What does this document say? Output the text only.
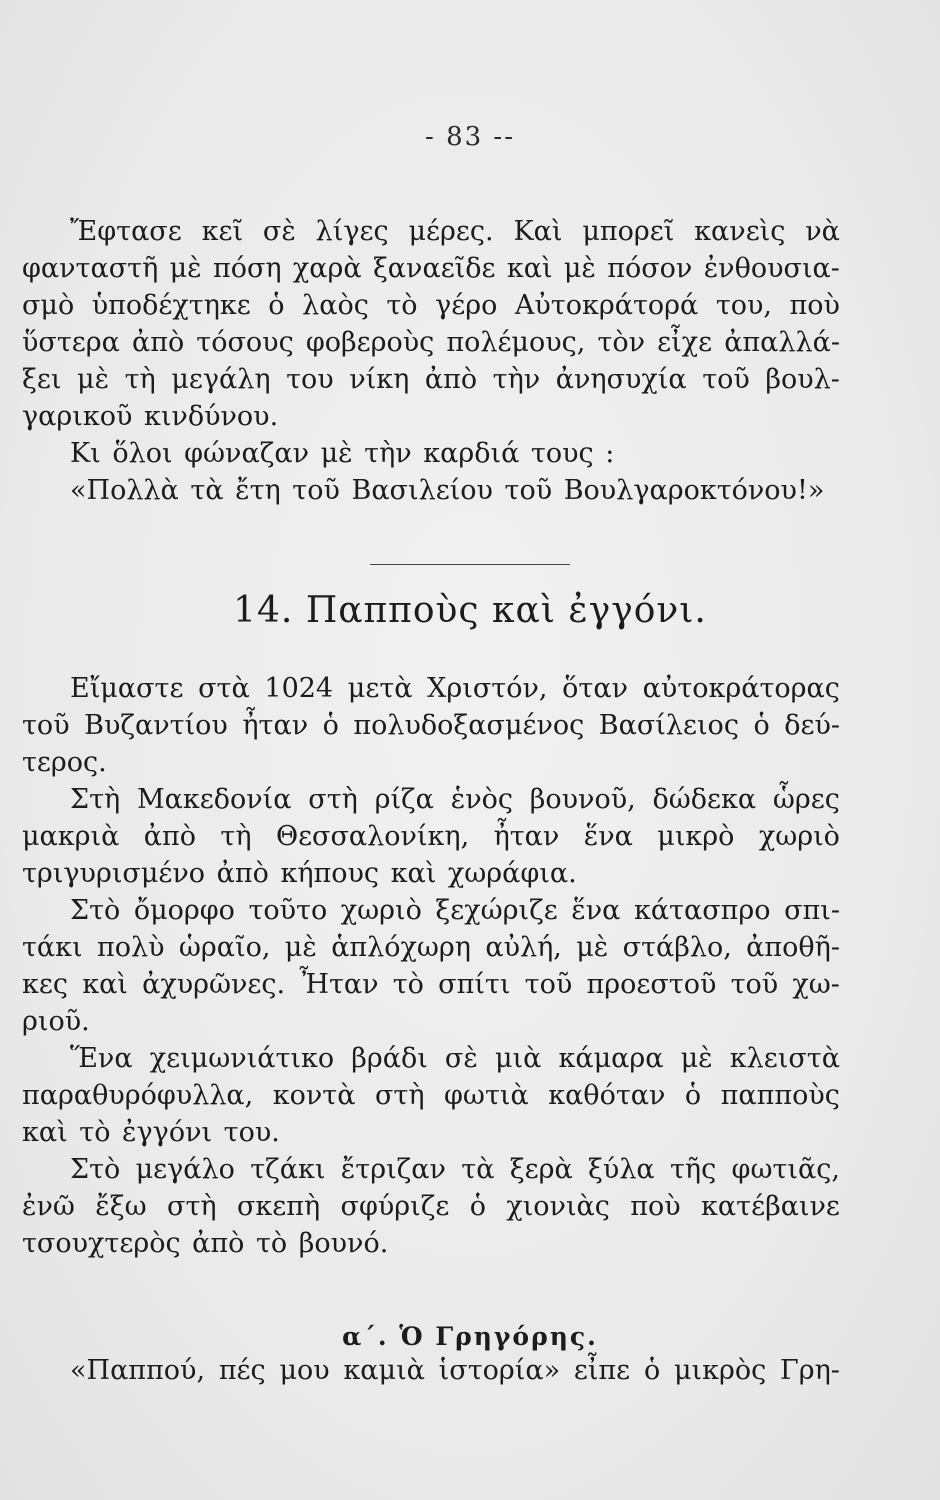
- 83 --
Ἔφτασε κεῖ σὲ λίγες μέρες. Καὶ μπορεῖ κανεὶς νὰ
φανταστῆ μὲ πόση χαρὰ ξαναεῖδε καὶ μὲ πόσον ἐνθουσια-
σμὸ ὑποδέχτηκε ὁ λαὸς τὸ γέρο Αὐτοκράτορά του, ποὺ
ὕστερα ἀπὸ τόσους φοβεροὺς πολέμους, τὸν εἶχε ἀπαλλά-
ξει μὲ τὴ μεγάλη του νίκη ἀπὸ τὴν ἀνησυχία τοῦ βουλ-
γαρικοῦ κινδύνου.
Κι ὅλοι φώναζαν μὲ τὴν καρδιά τους :
«Πολλὰ τὰ ἔτη τοῦ Βασιλείου τοῦ Βουλγαροκτόνου!»
14. Παπποὺς καὶ ἐγγόνι.
Εἴμαστε στὰ 1024 μετὰ Χριστόν, ὅταν αὐτοκράτορας
τοῦ Βυζαντίου ἦταν ὁ πολυδοξασμένος Βασίλειος ὁ δεύ-
τερος.
Στὴ Μακεδονία στὴ ρίζα ἑνὸς βουνοῦ, δώδεκα ὧρες
μακριὰ ἀπὸ τὴ Θεσσαλονίκη, ἦταν ἕνα μικρὸ χωριὸ
τριγυρισμένο ἀπὸ κήπους καὶ χωράφια.
Στὸ ὄμορφο τοῦτο χωριὸ ξεχώριζε ἕνα κάτασπρο σπι-
τάκι πολὺ ὡραῖο, μὲ ἁπλόχωρη αὐλή, μὲ στάβλο, ἀποθῆ-
κες καὶ ἀχυρῶνες. Ἦταν τὸ σπίτι τοῦ προεστοῦ τοῦ χω-
ριοῦ.
Ἕνα χειμωνιάτικο βράδι σὲ μιὰ κάμαρα μὲ κλειστὰ
παραθυρόφυλλα, κοντὰ στὴ φωτιὰ καθόταν ὁ παπποὺς
καὶ τὸ ἐγγόνι του.
Στὸ μεγάλο τζάκι ἔτριζαν τὰ ξερὰ ξύλα τῆς φωτιᾶς,
ἐνῶ ἔξω στὴ σκεπὴ σφύριζε ὁ χιονιὰς ποὺ κατέβαινε
τσουχτερὸς ἀπὸ τὸ βουνό.
α΄. Ὁ Γρηγόρης.
«Παππού, πές μου καμιὰ ἱστορία» εἶπε ὁ μικρὸς Γρη-
